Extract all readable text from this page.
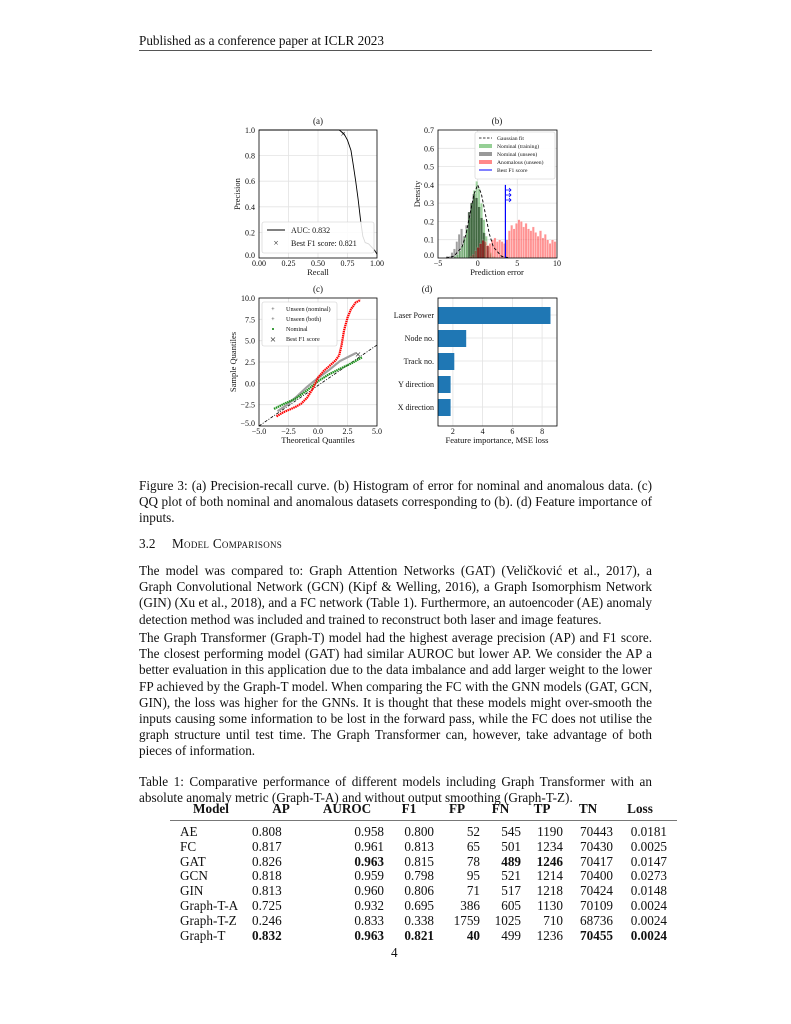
Published as a conference paper at ICLR 2023
(a)
×
1.0
0.8
0.6
0.4
0.2
0.0
0.00 0.25 0.50 0.75 1.00
Recall
Precision
AUC: 0.832
× Best F1 score: 0.821
(b)
0.7
0.6
0.5
0.4
0.3
0.2
0.1
0.0
−5	0	5	10
Prediction error
Density
Gaussian fit
Nominal (training)
Nominal (unseen)
Anomalous (unseen)
Best F1 score
(c)
×
10.0
7.5
5.0
2.5
0.0
−2.5
−5.0
−5.0 −2.5 0.0 2.5 5.0
Theoretical Quantiles
Sample Quantiles
+ Unseen (nominal)
+ Unseen (both)
Nominal
× Best F1 score
(d)
Laser Power
Node no.
Track no.
Y direction
X direction
2	4	6	8
Feature importance, MSE loss
Figure 3: (a) Precision-recall curve. (b) Histogram of error for nominal and anomalous data. (c) QQ plot of both nominal and anomalous datasets corresponding to (b). (d) Feature importance of inputs.
3.2 Model Comparisons
The model was compared to: Graph Attention Networks (GAT) (Veličković et al., 2017), a Graph Convolutional Network (GCN) (Kipf & Welling, 2016), a Graph Isomorphism Network (GIN) (Xu et al., 2018), and a FC network (Table 1). Furthermore, an autoencoder (AE) anomaly detection method was included and trained to reconstruct both laser and image features.
The Graph Transformer (Graph-T) model had the highest average precision (AP) and F1 score. The closest performing model (GAT) had similar AUROC but lower AP. We consider the AP a better evaluation in this application due to the data imbalance and add larger weight to the lower FP achieved by the Graph-T model. When comparing the FC with the GNN models (GAT, GCN, GIN), the loss was higher for the GNNs. It is thought that these models might over-smooth the inputs causing some information to be lost in the forward pass, while the FC does not utilise the graph structure until test time. The Graph Transformer can, however, take advantage of both pieces of information.
Table 1: Comparative performance of different models including Graph Transformer with an absolute anomaly metric (Graph-T-A) and without output smoothing (Graph-T-Z).
Model	AP	AUROC	F1	FP	FN	TP	TN	Loss
AE	0.808	0.958	0.800	52	545	1190	70443	0.0181
FC	0.817	0.961	0.813	65	501	1234	70430	0.0025
GAT	0.826	0.963	0.815	78	489	1246	70417	0.0147
GCN	0.818	0.959	0.798	95	521	1214	70400	0.0273
GIN	0.813	0.960	0.806	71	517	1218	70424	0.0148
Graph-T-A	0.725	0.932	0.695	386	605	1130	70109	0.0024
Graph-T-Z	0.246	0.833	0.338	1759	1025	710	68736	0.0024
Graph-T	0.832	0.963	0.821	40	499	1236	70455	0.0024
4
